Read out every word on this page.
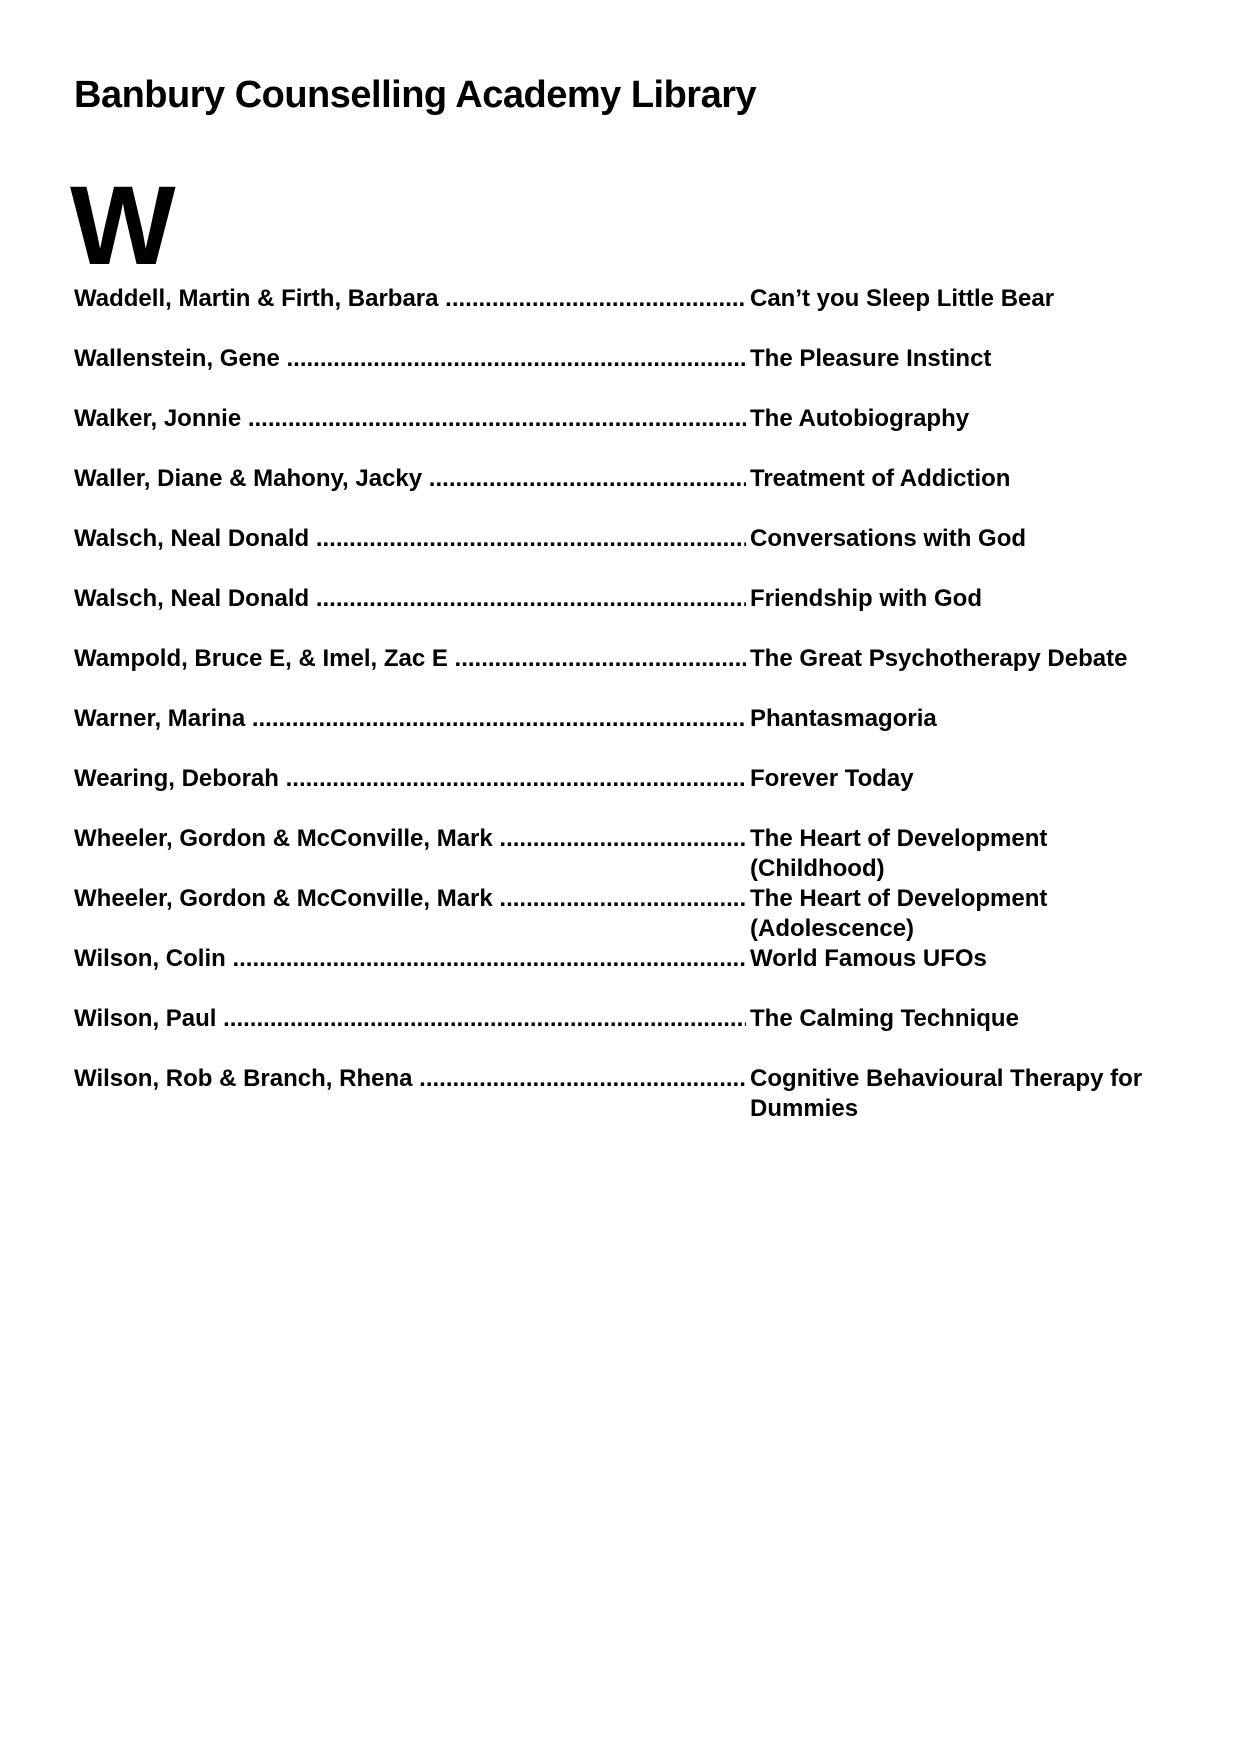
Banbury Counselling Academy Library
W
Waddell, Martin & Firth, Barbara .....	Can’t you Sleep Little Bear
Wallenstein, Gene .....	The Pleasure Instinct
Walker, Jonnie .....	The Autobiography
Waller, Diane & Mahony, Jacky .....	Treatment of Addiction
Walsch, Neal Donald .....	Conversations with God
Walsch, Neal Donald .....	Friendship with God
Wampold, Bruce E, & Imel, Zac E .....	The Great Psychotherapy Debate
Warner, Marina .....	Phantasmagoria
Wearing, Deborah .....	Forever Today
Wheeler, Gordon & McConville, Mark .....	The Heart of Development (Childhood)
Wheeler, Gordon & McConville, Mark .....	The Heart of Development (Adolescence)
Wilson, Colin .....	World Famous UFOs
Wilson, Paul .....	The Calming Technique
Wilson, Rob & Branch, Rhena .....	Cognitive Behavioural Therapy for Dummies
